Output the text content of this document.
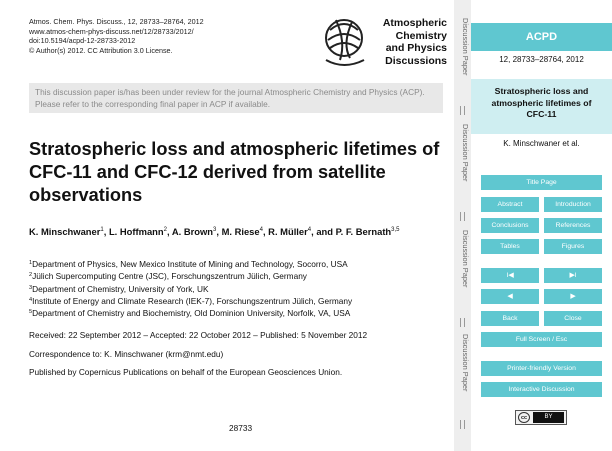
Atmos. Chem. Phys. Discuss., 12, 28733–28764, 2012
www.atmos-chem-phys-discuss.net/12/28733/2012/
doi:10.5194/acpd-12-28733-2012
© Author(s) 2012. CC Attribution 3.0 License.
Atmospheric
Chemistry
and Physics
Discussions
This discussion paper is/has been under review for the journal Atmospheric Chemistry and Physics (ACP). Please refer to the corresponding final paper in ACP if available.
Stratospheric loss and atmospheric lifetimes of CFC-11 and CFC-12 derived from satellite observations
K. Minschwaner$^1$, L. Hoffmann$^2$, A. Brown$^3$, M. Riese$^4$, R. Müller$^4$, and P. F. Bernath$^{3,5}$
$^1$Department of Physics, New Mexico Institute of Mining and Technology, Socorro, USA
$^2$Jülich Supercomputing Centre (JSC), Forschungszentrum Jülich, Germany
$^3$Department of Chemistry, University of York, UK
$^4$Institute of Energy and Climate Research (IEK-7), Forschungszentrum Jülich, Germany
$^5$Department of Chemistry and Biochemistry, Old Dominion University, Norfolk, VA, USA
Received: 22 September 2012 – Accepted: 22 October 2012 – Published: 5 November 2012
Correspondence to: K. Minschwaner (krm@nmt.edu)
Published by Copernicus Publications on behalf of the European Geosciences Union.
28733
Discussion Paper
Discussion Paper
Discussion Paper
Discussion Paper
ACPD
12, 28733–28764, 2012
Stratospheric loss and atmospheric lifetimes of CFC-11
K. Minschwaner et al.
Title Page
Abstract	Introduction
Conclusions	References
Tables	Figures
I◀	▶I
◀	▶
Back	Close
Full Screen / Esc
Printer-friendly Version
Interactive Discussion
cc	BY
